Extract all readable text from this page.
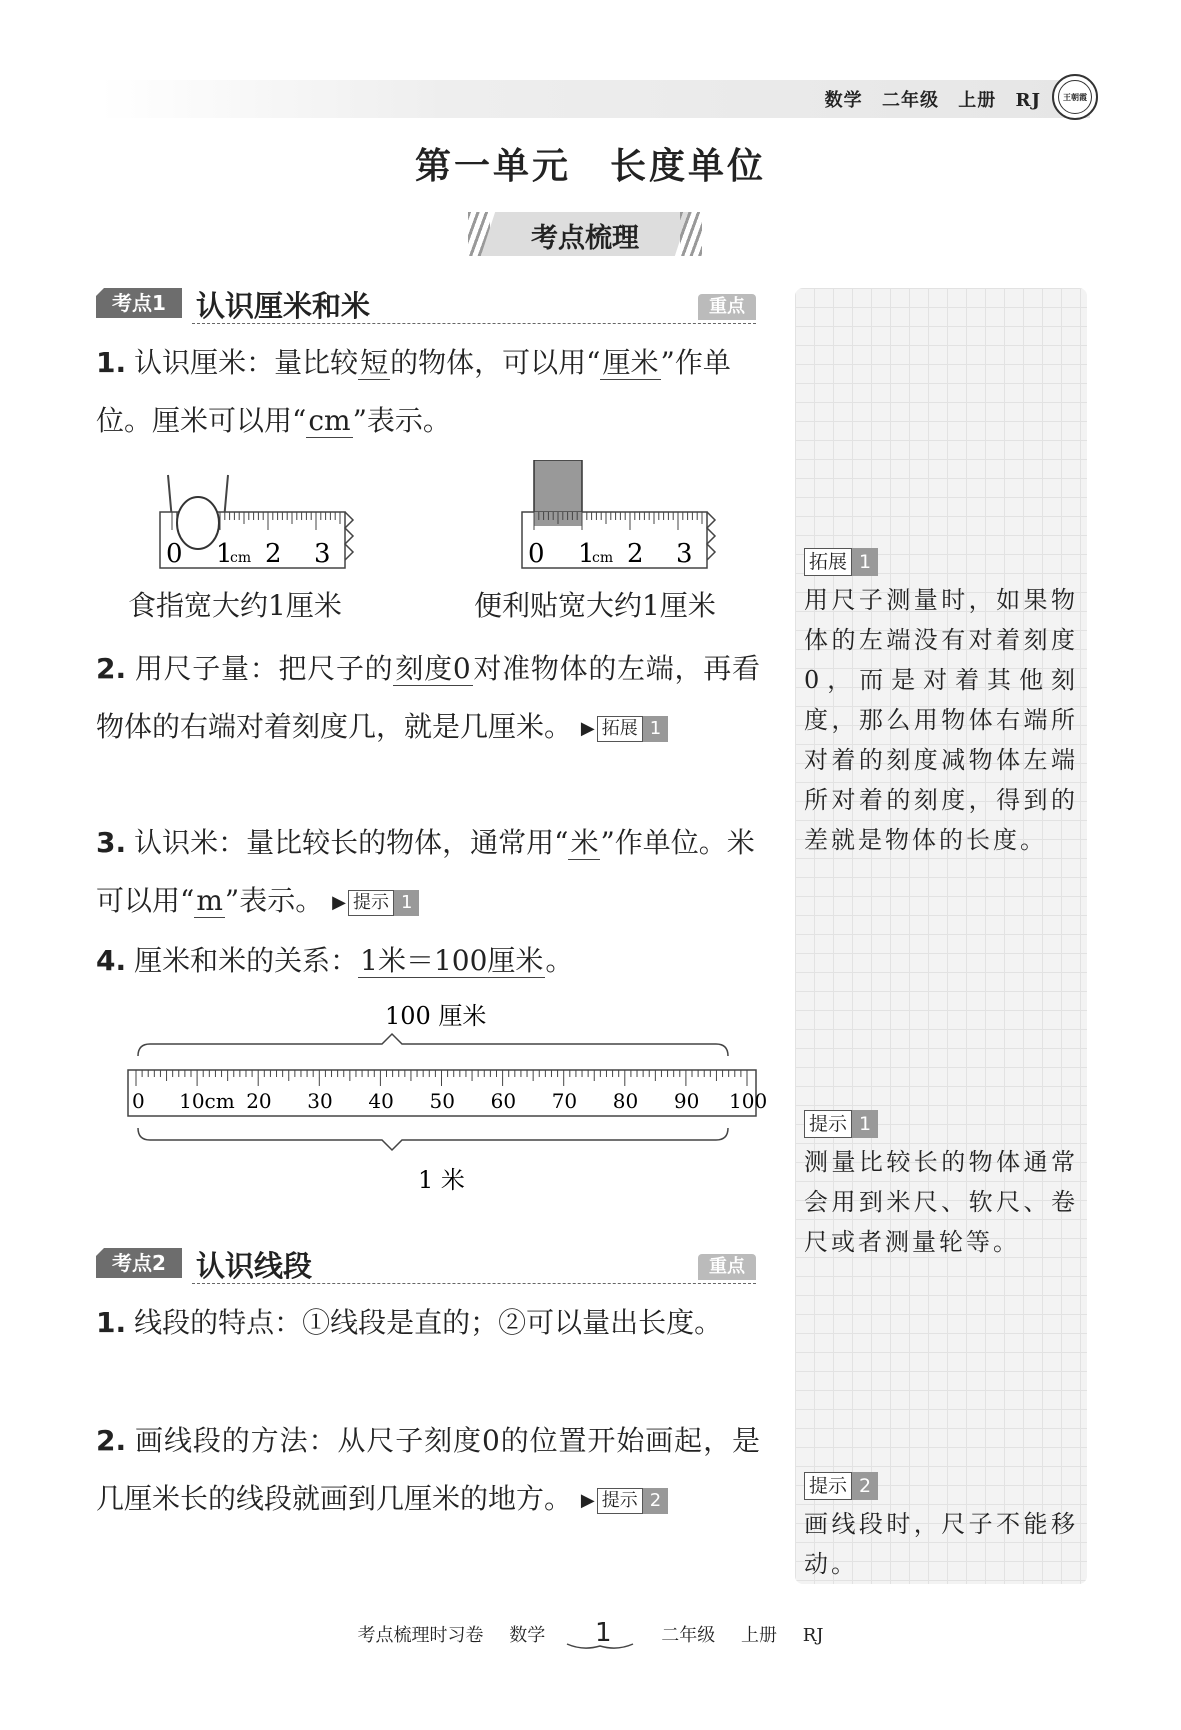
数学 二年级 上册 RJ	王朝霞
第一单元　长度单位
考点梳理
考点1	认识厘米和米	重点
1. 认识厘米：量比较短的物体，可以用“厘米”作单位。厘米可以用“cm”表示。
0 1
cm 2 3	0 1
cm 2 3
食指宽大约1厘米	便利贴宽大约1厘米
2. 用尺子量：把尺子的刻度0对准物体的左端，再看物体的右端对着刻度几，就是几厘米。 ▶ 拓展 1
3. 认识米：量比较长的物体，通常用“米”作单位。米可以用“m”表示。 ▶ 提示 1
4. 厘米和米的关系：1米＝100厘米。
100 厘米
0 10cm 20 30 40 50 60 70 80 90 100
1 米
考点2	认识线段	重点
1. 线段的特点：①线段是直的；②可以量出长度。
2. 画线段的方法：从尺子刻度0的位置开始画起，是几厘米长的线段就画到几厘米的地方。 ▶ 提示 2
拓展 1
用尺子测量时，如果物体的左端没有对着刻度0，而是对着其他刻度，那么用物体右端所对着的刻度减物体左端所对着的刻度，得到的差就是物体的长度。
提示 1
测量比较长的物体通常会用到米尺、软尺、卷尺或者测量轮等。
提示 2
画线段时，尺子不能移动。
考点梳理时习卷 数学 1	二年级 上册 RJ
